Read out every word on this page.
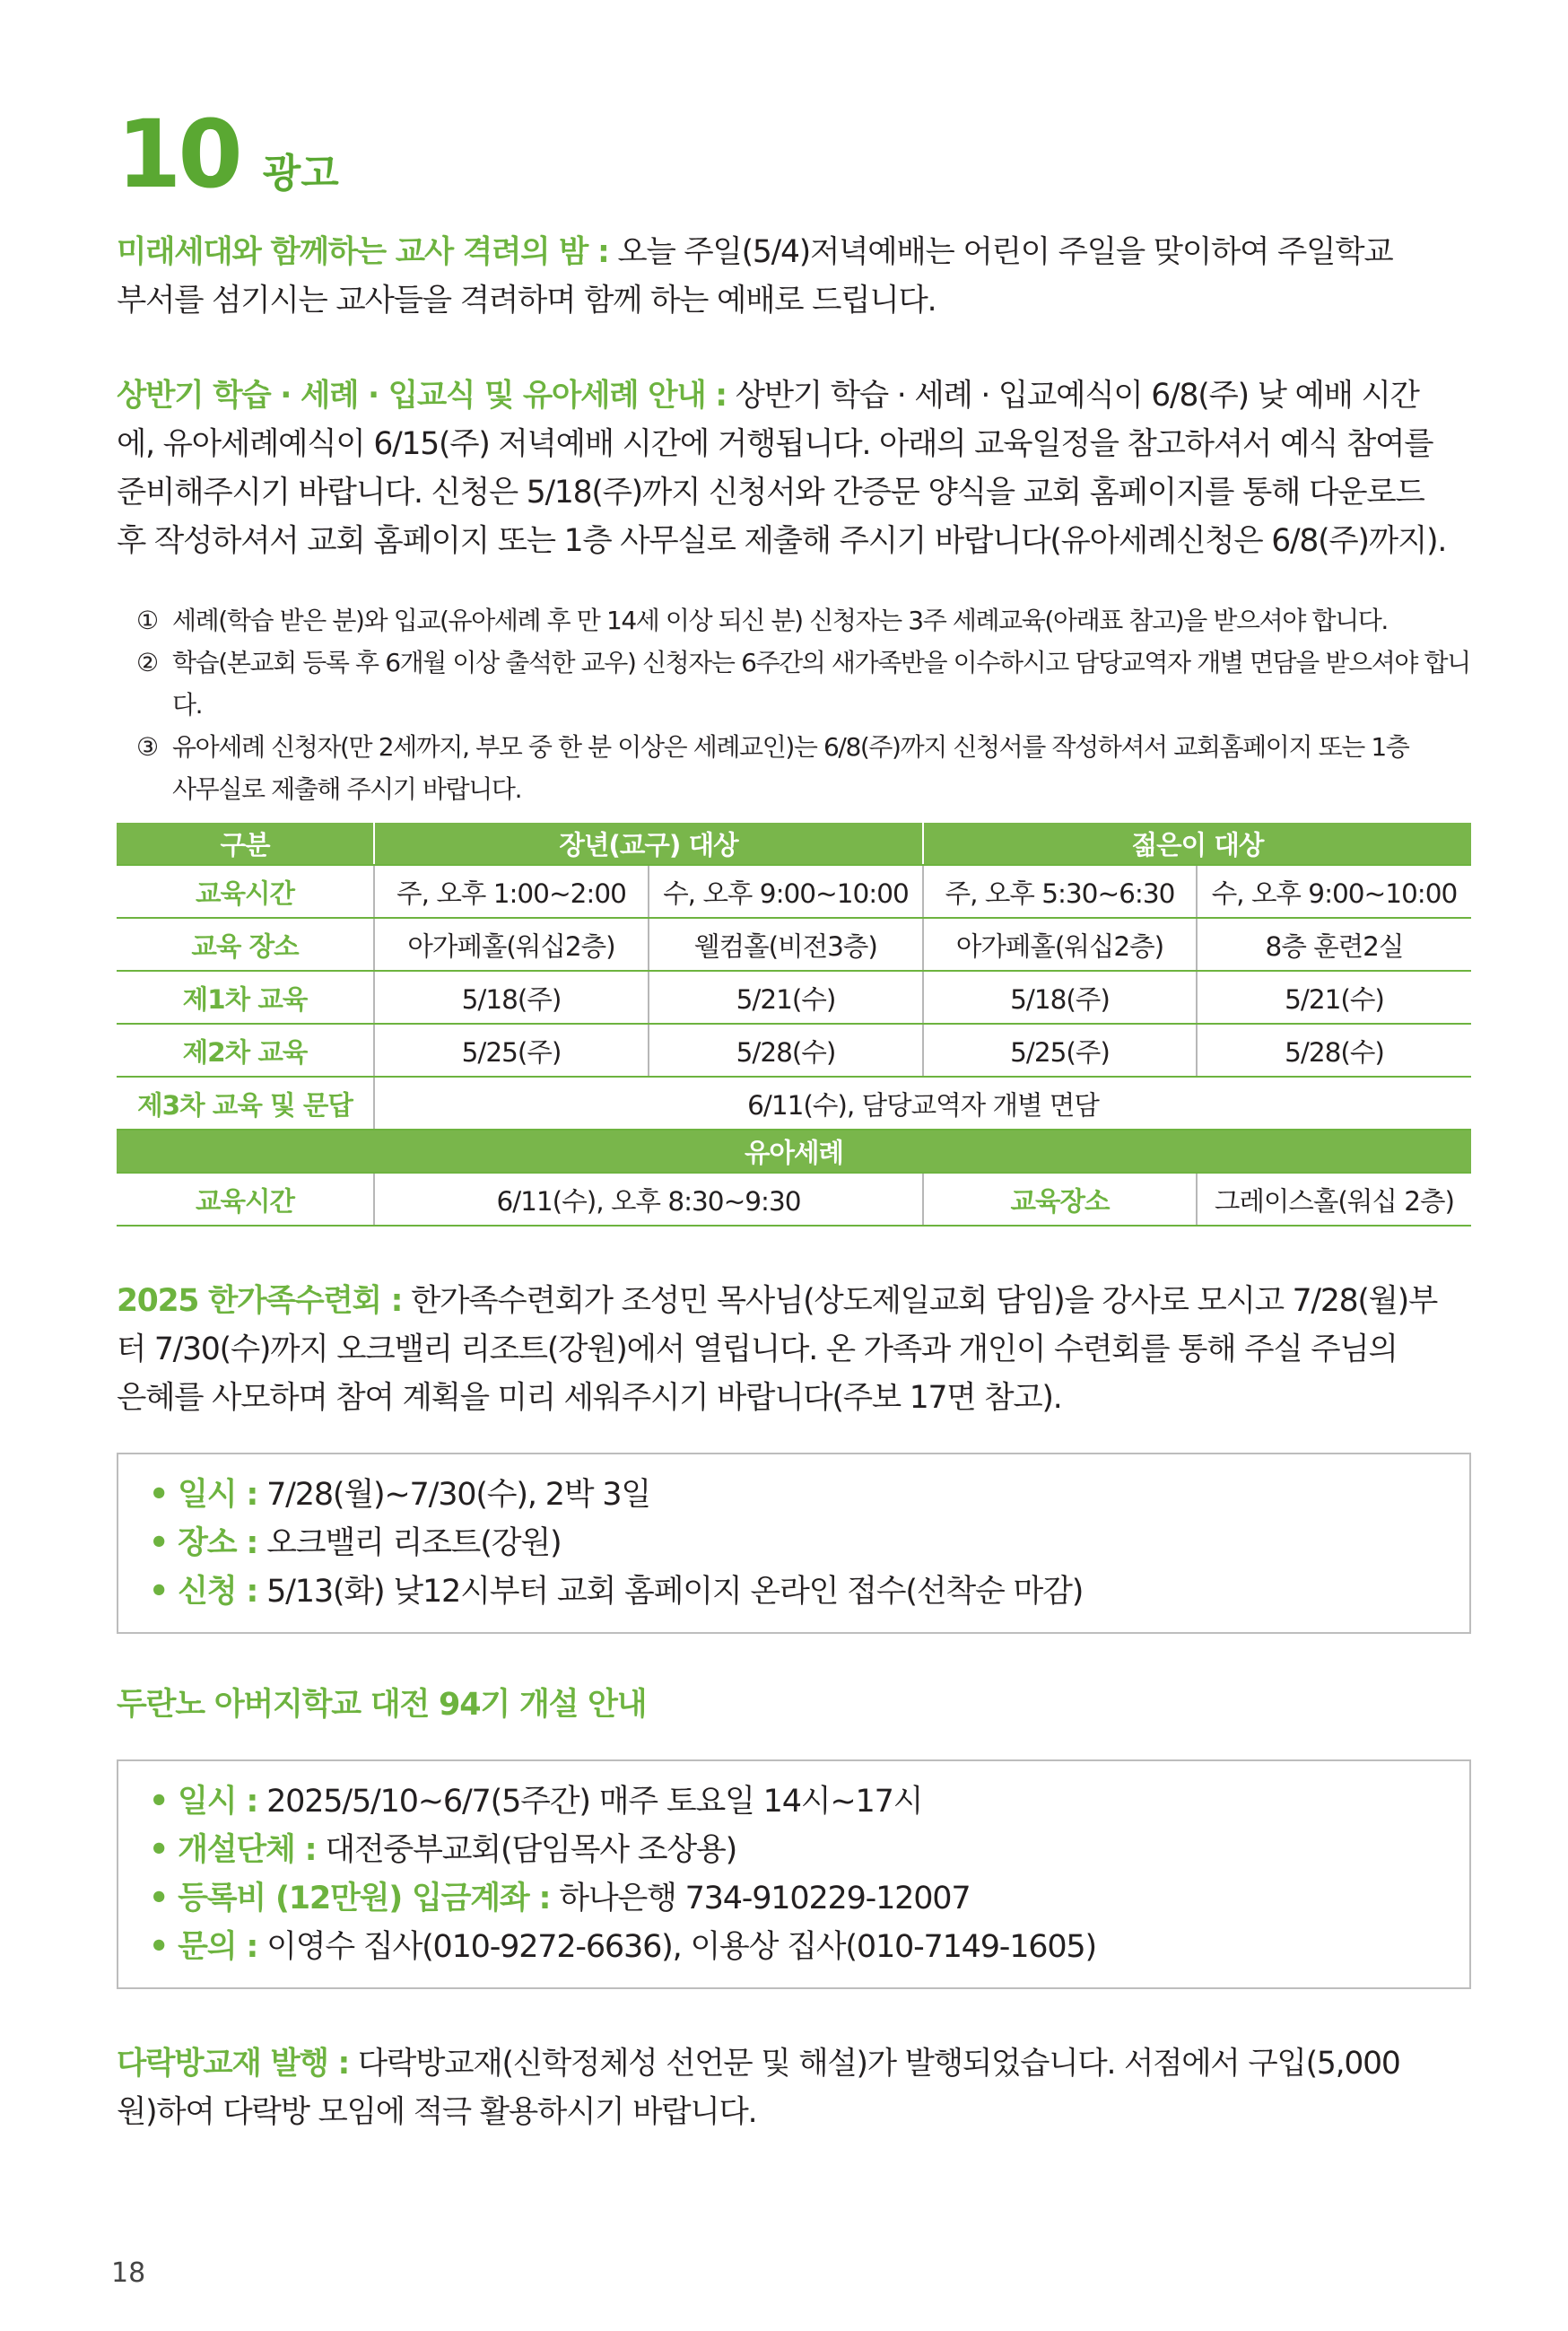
10 광고

미래세대와 함께하는 교사 격려의 밤 : 오늘 주일(5/4)저녁예배는 어린이 주일을 맞이하여 주일학교

부서를 섬기시는 교사들을 격려하며 함께 하는 예배로 드립니다.

상반기 학습 · 세례 · 입교식 및 유아세례 안내 : 상반기 학습 · 세례 · 입교예식이 6/8(주) 낮 예배 시간

에, 유아세례예식이 6/15(주) 저녁예배 시간에 거행됩니다. 아래의 교육일정을 참고하셔서 예식 참여를

준비해주시기 바랍니다. 신청은 5/18(주)까지 신청서와 간증문 양식을 교회 홈페이지를 통해 다운로드

후 작성하셔서 교회 홈페이지 또는 1층 사무실로 제출해 주시기 바랍니다(유아세례신청은 6/8(주)까지).

① 세례(학습 받은 분)와 입교(유아세례 후 만 14세 이상 되신 분) 신청자는 3주 세례교육(아래표 참고)을 받으셔야 합니다.
② 학습(본교회 등록 후 6개월 이상 출석한 교우) 신청자는 6주간의 새가족반을 이수하시고 담당교역자 개별 면담을 받으셔야 합니다.
③ 유아세례 신청자(만 2세까지, 부모 중 한 분 이상은 세례교인)는 6/8(주)까지 신청서를 작성하셔서 교회홈페이지 또는 1층
사무실로 제출해 주시기 바랍니다.
구분	장년(교구) 대상		젊은이 대상	
교육시간	주, 오후 1:00~2:00	수, 오후 9:00~10:00	주, 오후 5:30~6:30	수, 오후 9:00~10:00
교육 장소	아가페홀(워십2층)	웰컴홀(비전3층)	아가페홀(워십2층)	8층 훈련2실
제1차 교육	5/18(주)	5/21(수)	5/18(주)	5/21(수)
제2차 교육	5/25(주)	5/28(수)	5/25(주)	5/28(수)
제3차 교육 및 문답	6/11(수), 담당교역자 개별 면담			
유아세례				
교육시간	6/11(수), 오후 8:30~9:30		교육장소	그레이스홀(워십 2층)

2025 한가족수련회 : 한가족수련회가 조성민 목사님(상도제일교회 담임)을 강사로 모시고 7/28(월)부

터 7/30(수)까지 오크밸리 리조트(강원)에서 열립니다. 온 가족과 개인이 수련회를 통해 주실 주님의

은혜를 사모하며 참여 계획을 미리 세워주시기 바랍니다(주보 17면 참고).

• 일시 : 7/28(월)~7/30(수), 2박 3일
• 장소 : 오크밸리 리조트(강원)
• 신청 : 5/13(화) 낮12시부터 교회 홈페이지 온라인 접수(선착순 마감)
두란노 아버지학교 대전 94기 개설 안내
• 일시 : 2025/5/10~6/7(5주간) 매주 토요일 14시~17시
• 개설단체 : 대전중부교회(담임목사 조상용)
• 등록비 (12만원) 입금계좌 : 하나은행 734-910229-12007
• 문의 : 이영수 집사(010-9272-6636), 이용상 집사(010-7149-1605)

다락방교재 발행 : 다락방교재(신학정체성 선언문 및 해설)가 발행되었습니다. 서점에서 구입(5,000

원)하여 다락방 모임에 적극 활용하시기 바랍니다.

18
